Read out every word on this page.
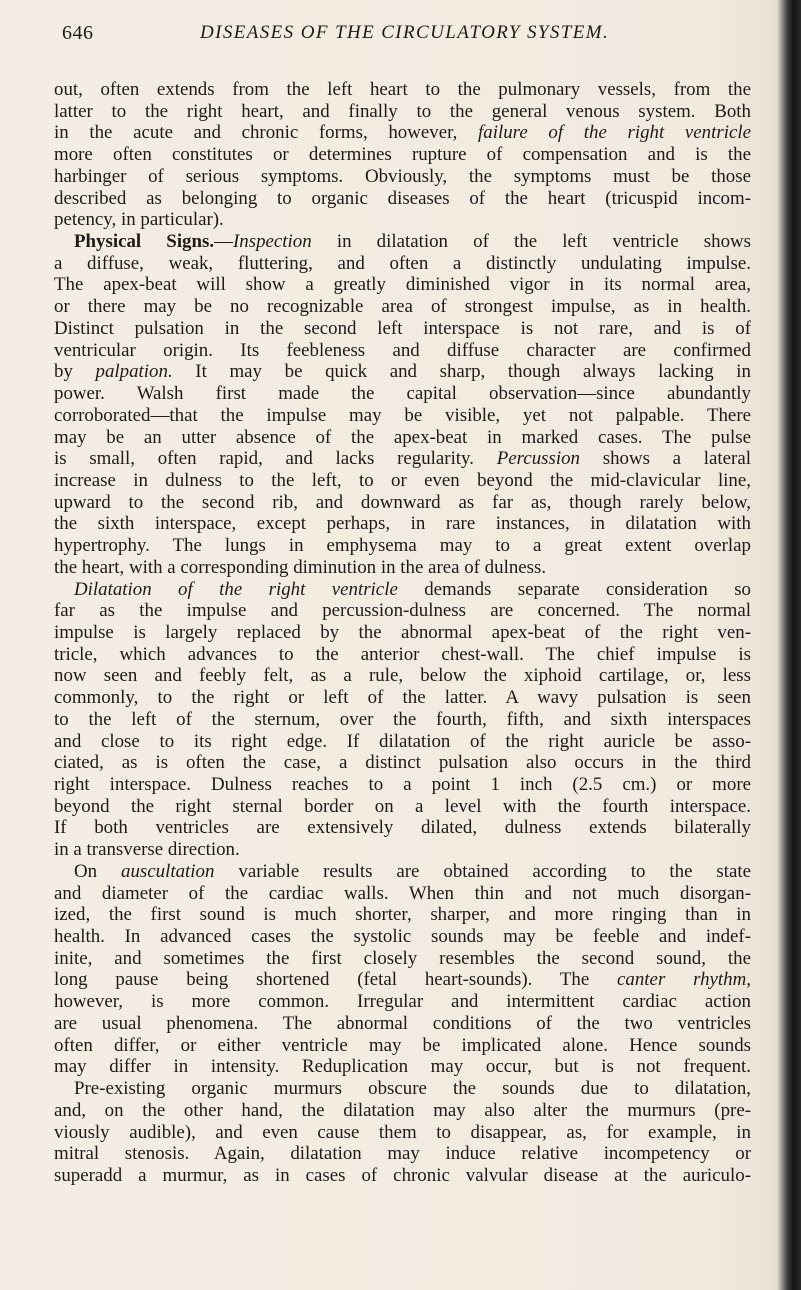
646	DISEASES OF THE CIRCULATORY SYSTEM.
out, often extends from the left heart to the pulmonary vessels, from the
latter to the right heart, and finally to the general venous system. Both
in the acute and chronic forms, however, failure of the right ventricle
more often constitutes or determines rupture of compensation and is the
harbinger of serious symptoms. Obviously, the symptoms must be those
described as belonging to organic diseases of the heart (tricuspid incom-
petency, in particular).
Physical Signs.—Inspection in dilatation of the left ventricle shows
a diffuse, weak, fluttering, and often a distinctly undulating impulse.
The apex-beat will show a greatly diminished vigor in its normal area,
or there may be no recognizable area of strongest impulse, as in health.
Distinct pulsation in the second left interspace is not rare, and is of
ventricular origin. Its feebleness and diffuse character are confirmed
by palpation. It may be quick and sharp, though always lacking in
power. Walsh first made the capital observation—since abundantly
corroborated—that the impulse may be visible, yet not palpable. There
may be an utter absence of the apex-beat in marked cases. The pulse
is small, often rapid, and lacks regularity. Percussion shows a lateral
increase in dulness to the left, to or even beyond the mid-clavicular line,
upward to the second rib, and downward as far as, though rarely below,
the sixth interspace, except perhaps, in rare instances, in dilatation with
hypertrophy. The lungs in emphysema may to a great extent overlap
the heart, with a corresponding diminution in the area of dulness.
Dilatation of the right ventricle demands separate consideration so
far as the impulse and percussion-dulness are concerned. The normal
impulse is largely replaced by the abnormal apex-beat of the right ven-
tricle, which advances to the anterior chest-wall. The chief impulse is
now seen and feebly felt, as a rule, below the xiphoid cartilage, or, less
commonly, to the right or left of the latter. A wavy pulsation is seen
to the left of the sternum, over the fourth, fifth, and sixth interspaces
and close to its right edge. If dilatation of the right auricle be asso-
ciated, as is often the case, a distinct pulsation also occurs in the third
right interspace. Dulness reaches to a point 1 inch (2.5 cm.) or more
beyond the right sternal border on a level with the fourth interspace.
If both ventricles are extensively dilated, dulness extends bilaterally
in a transverse direction.
On auscultation variable results are obtained according to the state
and diameter of the cardiac walls. When thin and not much disorgan-
ized, the first sound is much shorter, sharper, and more ringing than in
health. In advanced cases the systolic sounds may be feeble and indef-
inite, and sometimes the first closely resembles the second sound, the
long pause being shortened (fetal heart-sounds). The canter rhythm,
however, is more common. Irregular and intermittent cardiac action
are usual phenomena. The abnormal conditions of the two ventricles
often differ, or either ventricle may be implicated alone. Hence sounds
may differ in intensity. Reduplication may occur, but is not frequent.
Pre-existing organic murmurs obscure the sounds due to dilatation,
and, on the other hand, the dilatation may also alter the murmurs (pre-
viously audible), and even cause them to disappear, as, for example, in
mitral stenosis. Again, dilatation may induce relative incompetency or
superadd a murmur, as in cases of chronic valvular disease at the auriculo-
